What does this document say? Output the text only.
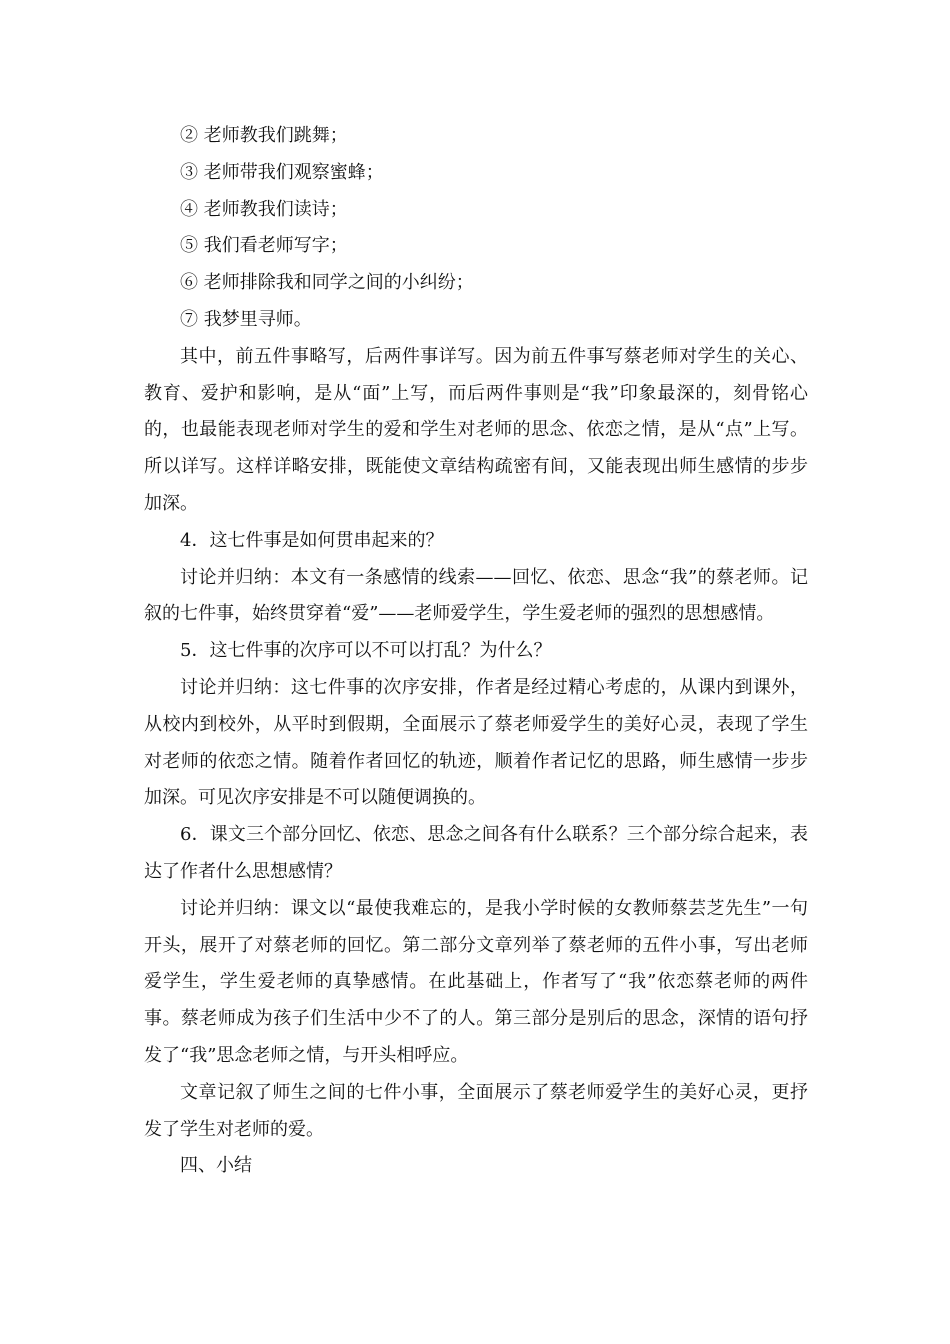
② 老师教我们跳舞；

③ 老师带我们观察蜜蜂；

④ 老师教我们读诗；

⑤ 我们看老师写字；

⑥ 老师排除我和同学之间的小纠纷；

⑦ 我梦里寻师。

其中，前五件事略写，后两件事详写。因为前五件事写蔡老师对学生的关心、教育、爱护和影响，是从“面”上写，而后两件事则是“我”印象最深的，刻骨铭心的，也最能表现老师对学生的爱和学生对老师的思念、依恋之情，是从“点”上写。所以详写。这样详略安排，既能使文章结构疏密有间，又能表现出师生感情的步步加深。

4．这七件事是如何贯串起来的？

讨论并归纳：本文有一条感情的线索——回忆、依恋、思念“我”的蔡老师。记叙的七件事，始终贯穿着“爱”——老师爱学生，学生爱老师的强烈的思想感情。

5．这七件事的次序可以不可以打乱？为什么？

讨论并归纳：这七件事的次序安排，作者是经过精心考虑的，从课内到课外，从校内到校外，从平时到假期，全面展示了蔡老师爱学生的美好心灵，表现了学生对老师的依恋之情。随着作者回忆的轨迹，顺着作者记忆的思路，师生感情一步步加深。可见次序安排是不可以随便调换的。

6．课文三个部分回忆、依恋、思念之间各有什么联系？三个部分综合起来，表达了作者什么思想感情？

讨论并归纳：课文以“最使我难忘的，是我小学时候的女教师蔡芸芝先生”一句开头，展开了对蔡老师的回忆。第二部分文章列举了蔡老师的五件小事，写出老师爱学生，学生爱老师的真挚感情。在此基础上，作者写了“我”依恋蔡老师的两件事。蔡老师成为孩子们生活中少不了的人。第三部分是别后的思念，深情的语句抒发了“我”思念老师之情，与开头相呼应。

文章记叙了师生之间的七件小事，全面展示了蔡老师爱学生的美好心灵，更抒发了学生对老师的爱。

四、小结
